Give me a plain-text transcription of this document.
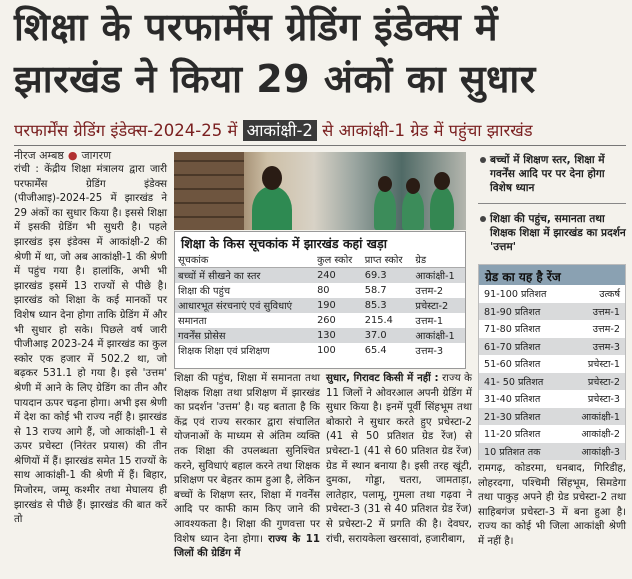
शिक्षा के परफार्मेंस ग्रेडिंग इंडेक्स में
झारखंड ने किया 29 अंकों का सुधार
परफार्मेंस ग्रेडिंग इंडेक्स-2024-25 में आकांक्षी-2 से आकांक्षी-1 ग्रेड में पहुंचा झारखंड
नीरज अम्बष्ठ ● जागरण
रांची : केंद्रीय शिक्षा मंत्रालय द्वारा जारी परफार्मेंस ग्रेडिंग इंडेक्स (पीजीआइ)-2024-25 में झारखंड ने 29 अंकों का सुधार किया है। इससे शिक्षा में इसकी ग्रेडिंग भी सुधरी है। पहले झारखंड इस इंडेक्स में आकांक्षी-2 की श्रेणी में था, जो अब आकांक्षी-1 की श्रेणी में पहुंच गया है। हालांकि, अभी भी झारखंड इसमें 13 राज्यों से पीछे है। झारखंड को शिक्षा के कई मानकों पर विशेष ध्यान देना होगा ताकि ग्रेडिंग में और भी सुधार हो सके। पिछले वर्ष जारी पीजीआइ 2023-24 में झारखंड का कुल स्कोर एक हजार में 502.2 था, जो बढ़कर 531.1 हो गया है। इसे 'उत्तम' श्रेणी में आने के लिए ग्रेडिंग का तीन और पायदान ऊपर चढ़ना होगा। अभी इस श्रेणी में देश का कोई भी राज्य नहीं है। झारखंड से 13 राज्य आगे हैं, जो आकांक्षी-1 से ऊपर प्रचेस्टा (निरंतर प्रयास) की तीन श्रेणियों में हैं। झारखंड समेत 15 राज्यों के साथ आकांक्षी-1 की श्रेणी में हैं। बिहार, मिजोरम, जम्मू कश्मीर तथा मेघालय ही झारखंड से पीछे हैं। झारखंड की बात करें तो
शिक्षा के किस सूचकांक में झारखंड कहां खड़ा
सूचकांक	कुल स्कोर	प्राप्त स्कोर	ग्रेड
बच्चों में सीखने का स्तर	240	69.3	आकांक्षी-1
शिक्षा की पहुंच	80	58.7	उत्तम-2
आधारभूत संरचनाएं एवं सुविधाएं	190	85.3	प्रचेस्टा-2
समानता	260	215.4	उत्तम-1
गवर्नेंस प्रोसेस	130	37.0	आकांक्षी-1
शिक्षक शिक्षा एवं प्रशिक्षण	100	65.4	उत्तम-3
शिक्षा की पहुंच, शिक्षा में समानता तथा शिक्षक शिक्षा तथा प्रशिक्षण में झारखंड का प्रदर्शन 'उत्तम' है। यह बताता है कि केंद्र एवं राज्य सरकार द्वारा संचालित योजनाओं के माध्यम से अंतिम व्यक्ति तक शिक्षा की उपलब्धता सुनिश्चित करने, सुविधाएं बहाल करने तथा शिक्षक प्रशिक्षण पर बेहतर काम हुआ है, लेकिन बच्चों के शिक्षण स्तर, शिक्षा में गवर्नेंस आदि पर काफी काम किए जाने की आवश्यकता है। शिक्षा की गुणवत्ता पर विशेष ध्यान देना होगा। राज्य के 11 जिलों की ग्रेडिंग में
सुधार, गिरावट किसी में नहीं : राज्य के 11 जिलों ने ओवरआल अपनी ग्रेडिंग में सुधार किया है। इनमें पूर्वी सिंहभूम तथा बोकारो ने सुधार करते हुए प्रचेस्टा-2 (41 से 50 प्रतिशत ग्रेड रेंज) से प्रचेस्टा-1 (41 से 60 प्रतिशत ग्रेड रेंज) ग्रेड में स्थान बनाया है। इसी तरह खूंटी, दुमका, गोड्डा, चतरा, जामताड़ा, लातेहार, पलामू, गुमला तथा गढ़वा ने प्रचेस्टा-3 (31 से 40 प्रतिशत ग्रेड रेंज) से प्रचेस्टा-2 में प्रगति की है। देवघर, रांची, सरायकेला खरसावां, हजारीबाग,
बच्चों में शिक्षण स्तर, शिक्षा में गवर्नेंस आदि पर पर देना होगा विशेष ध्यान
शिक्षा की पहुंच, समानता तथा शिक्षक शिक्षा में झारखंड का प्रदर्शन 'उत्तम'
ग्रेड का यह है रेंज
91-100 प्रतिशत	उत्कर्ष
81-90 प्रतिशत	उत्तम-1
71-80 प्रतिशत	उत्तम-2
61-70 प्रतिशत	उत्तम-3
51-60 प्रतिशत	प्रचेस्टा-1
41- 50 प्रतिशत	प्रचेस्टा-2
31-40 प्रतिशत	प्रचेस्टा-3
21-30 प्रतिशत	आकांक्षी-1
11-20 प्रतिशत	आकांक्षी-2
10 प्रतिशत तक	आकांक्षी-3
रामगढ़, कोडरमा, धनबाद, गिरिडीह, लोहरदगा, पश्चिमी सिंहभूम, सिमडेगा तथा पाकुड़ अपने ही ग्रेड प्रचेस्टा-2 तथा साहिबगंज प्रचेस्टा-3 में बना हुआ है। राज्य का कोई भी जिला आकांक्षी श्रेणी में नहीं है।
